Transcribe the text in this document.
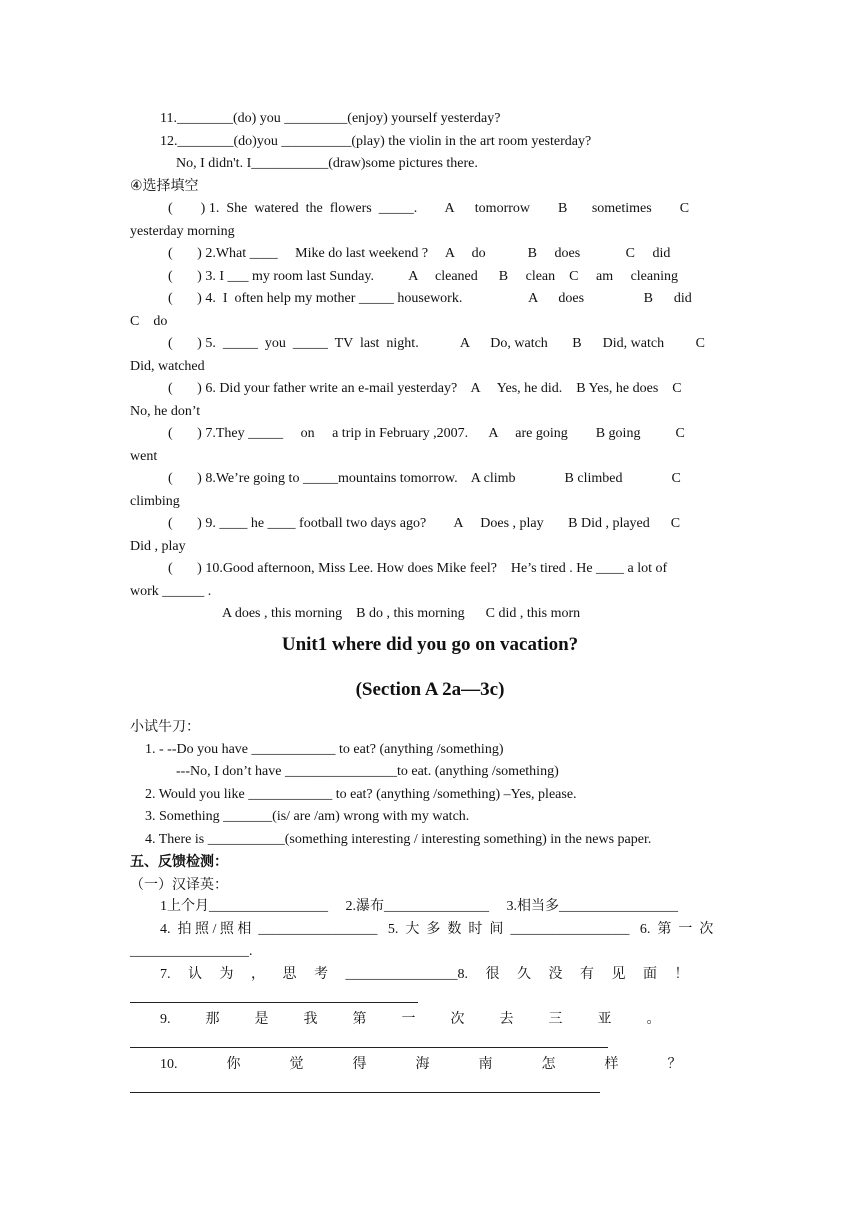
11.________(do) you _________(enjoy) yourself yesterday?
12.________(do)you __________(play) the violin in the art room yesterday?
No, I didn't. I___________(draw)some pictures there.
④选择填空
(        ) 1.  She  watered  the  flowers  _____.        A      tomorrow        B       sometimes        C
yesterday morning
(       ) 2.What ____     Mike do last weekend ?     A     do            B     does             C     did
(       ) 3. I ___ my room last Sunday.          A     cleaned      B     clean    C     am     cleaning
(       ) 4.  I  often help my mother _____ housework.                   A      does                 B      did
C    do
(       ) 5.  _____  you  _____  TV  last  night.            A      Do, watch       B      Did, watch         C
Did, watched
(       ) 6. Did your father write an e-mail yesterday?    A     Yes, he did.    B Yes, he does    C
No, he don’t
(       ) 7.They _____     on     a trip in February ,2007.      A     are going        B going          C
went
(       ) 8.We’re going to _____mountains tomorrow.    A climb              B climbed              C
climbing
(       ) 9. ____ he ____ football two days ago?        A     Does , play       B Did , played      C
Did , play
(       ) 10.Good afternoon, Miss Lee. How does Mike feel?    He’s tired . He ____ a lot of
work ______ .
A does , this morning    B do , this morning      C did , this morn
Unit1 where did you go on vacation?
(Section A 2a—3c)
小试牛刀：
1. - --Do you have ____________ to eat? (anything /something)
---No, I don’t have ________________to eat. (anything /something)
2. Would you like ____________ to eat? (anything /something) –Yes, please.
3. Something _______(is/ are /am) wrong with my watch.
4. There is ___________(something interesting / interesting something) in the news paper.
五、反馈检测：
（一）汉译英：
1上个月_________________     2.瀑布_______________     3.相当多_________________
4.  拍 照 / 照 相  _________________   5.  大  多  数  时  间  _________________   6.  第  一  次
_________________.
7.     认     为     ，     思     考     ________________8.     很     久     没     有     见     面     ！
9.          那          是          我          第          一          次          去          三          亚          。
10.              你              觉              得              海              南              怎              样              ？
